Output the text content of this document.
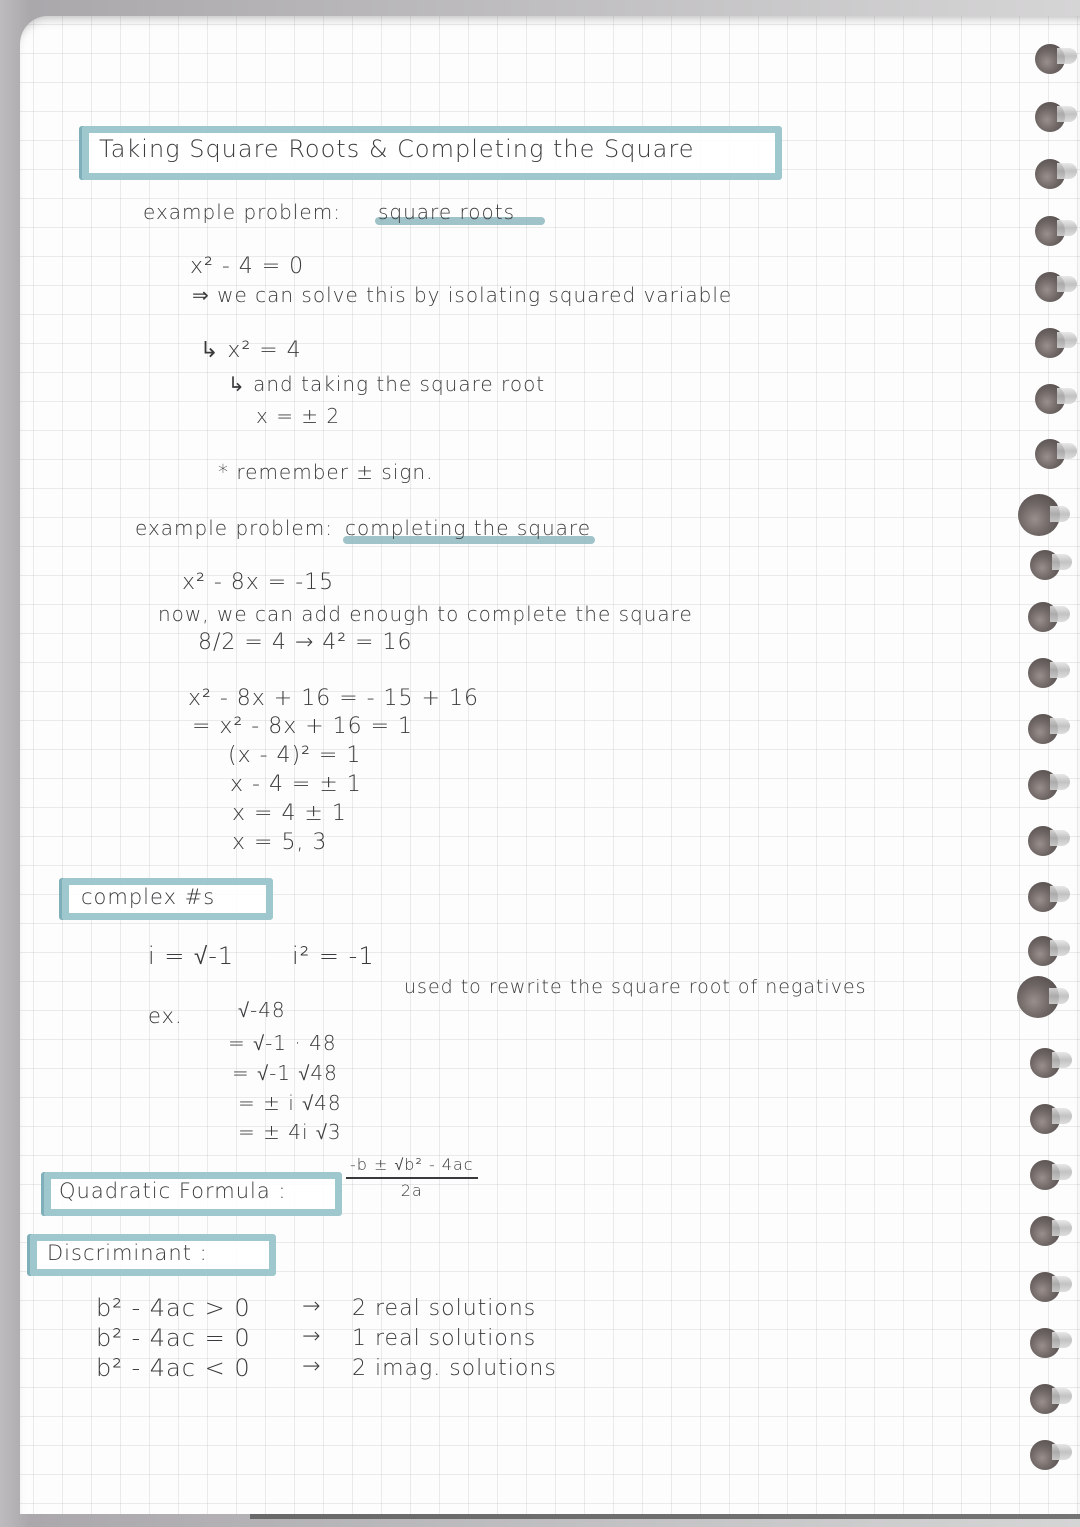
Taking Square Roots & Completing the Square
example problem: square roots
x² - 4 = 0
⇒ we can solve this by isolating squared variable
↳ x² = 4
↳ and taking the square root
x = ± 2
* remember ± sign.
example problem: completing the square
x² - 8x = -15
now, we can add enough to complete the square
8/2 = 4 → 4² = 16
x² - 8x + 16 = - 15 + 16
= x² - 8x + 16 = 1
(x - 4)² = 1
x - 4 = ± 1
x = 4 ± 1
x = 5, 3
complex #s
i = √-1 i² = -1
used to rewrite the square root of negatives
ex.	√-48
= √-1 · 48
= √-1 √48
= ± i √48
= ± 4i √3
Quadratic Formula :	$\frac{\text{-b ± √b² - 4ac}}{2a}$
Discriminant :
b² - 4ac > 0 → 2 real solutions
b² - 4ac = 0 → 1 real solutions
b² - 4ac < 0 → 2 imag. solutions
